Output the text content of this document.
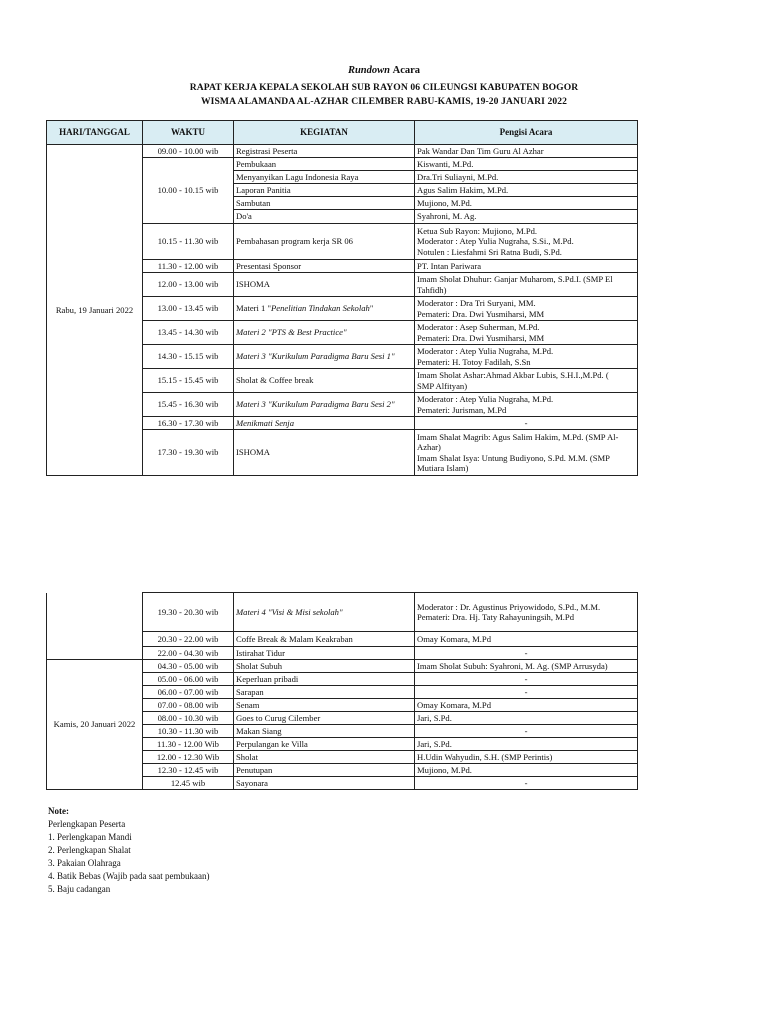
Rundown Acara
RAPAT KERJA KEPALA SEKOLAH SUB RAYON 06 CILEUNGSI KABUPATEN BOGOR
WISMA ALAMANDA AL-AZHAR CILEMBER RABU-KAMIS, 19-20 JANUARI 2022
HARI/TANGGAL	WAKTU	KEGIATAN	Pengisi Acara
Rabu, 19 Januari 2022	09.00 - 10.00 wib	Registrasi Peserta	Pak Wandar Dan Tim Guru Al Azhar
	10.00 - 10.15 wib	Pembukaan	Kiswanti, M.Pd.
		Menyanyikan Lagu Indonesia Raya	Dra.Tri Suliayni, M.Pd.
		Laporan Panitia	Agus Salim Hakim, M.Pd.
		Sambutan	Mujiono, M.Pd.
		Do'a	Syahroni, M. Ag.
	10.15 - 11.30 wib	Pembahasan program kerja SR 06	Ketua Sub Rayon: Mujiono, M.Pd.
Moderator : Atep Yulia Nugraha, S.Si., M.Pd.
Notulen : Liesfahmi Sri Ratna Budi, S.Pd.

	11.30 - 12.00 wib	Presentasi Sponsor	PT. Intan Pariwara
	12.00 - 13.00 wib	ISHOMA	Imam Sholat Dhuhur: Ganjar Muharom, S.Pd.I. (SMP El
Tahfidh)

	13.00 - 13.45 wib	Materi 1 "Penelitian Tindakan Sekolah"	Moderator : Dra Tri Suryani, MM.
Pemateri: Dra. Dwi Yusmiharsi, MM

	13.45 - 14.30 wib	Materi 2 "PTS & Best Practice"	Moderator : Asep Suherman, M.Pd.
Pemateri: Dra. Dwi Yusmiharsi, MM

	14.30 - 15.15 wib	Materi 3 "Kurikulum Paradigma Baru Sesi 1"	Moderator : Atep Yulia Nugraha, M.Pd.
Pemateri: H. Totoy Fadilah, S.Sn

	15.15 - 15.45 wib	Sholat & Coffee break	Imam Sholat Ashar:Ahmad Akbar Lubis, S.H.I.,M.Pd. (
SMP Alfityan)

	15.45 - 16.30 wib	Materi 3 "Kurikulum Paradigma Baru Sesi 2"	Moderator : Atep Yulia Nugraha, M.Pd.
Pemateri: Jurisman, M.Pd

	16.30 - 17.30 wib	Menikmati Senja	-
	17.30 - 19.30 wib	ISHOMA	Imam Shalat Magrib: Agus Salim Hakim, M.Pd. (SMP Al-
Azhar)
Imam Shalat Isya: Untung Budiyono, S.Pd. M.M. (SMP
Mutiara Islam)
	19.30 - 20.30 wib	Materi 4 "Visi & Misi sekolah"	Moderator : Dr. Agustinus Priyowidodo, S.Pd., M.M.
Pemateri: Dra. Hj. Taty Rahayuningsih, M.Pd

	20.30 - 22.00 wib	Coffe Break & Malam Keakraban	Omay Komara, M.Pd
	22.00 - 04.30 wib	Istirahat Tidur	-
Kamis, 20 Januari 2022	04.30 - 05.00 wib	Sholat Subuh	Imam Sholat Subuh: Syahroni, M. Ag. (SMP Arrusyda)
	05.00 - 06.00 wib	Keperluan pribadi	-
	06.00 - 07.00 wib	Sarapan	-
	07.00 - 08.00 wib	Senam	Omay Komara, M.Pd
	08.00 - 10.30 wib	Goes to Curug Cilember	Jari, S.Pd.
	10.30 - 11.30 wib	Makan Siang	-
	11.30 - 12.00 Wib	Perpulangan ke Villa	Jari, S.Pd.
	12.00 - 12.30 Wib	Sholat	H.Udin Wahyudin, S.H. (SMP Perintis)
	12.30 - 12.45 wib	Penutupan	Mujiono, M.Pd.
	12.45 wib	Sayonara	-
Note:
Perlengkapan Peserta
1. Perlengkapan Mandi
2. Perlengkapan Shalat
3. Pakaian Olahraga
4. Batik Bebas (Wajib pada saat pembukaan)
5. Baju cadangan
